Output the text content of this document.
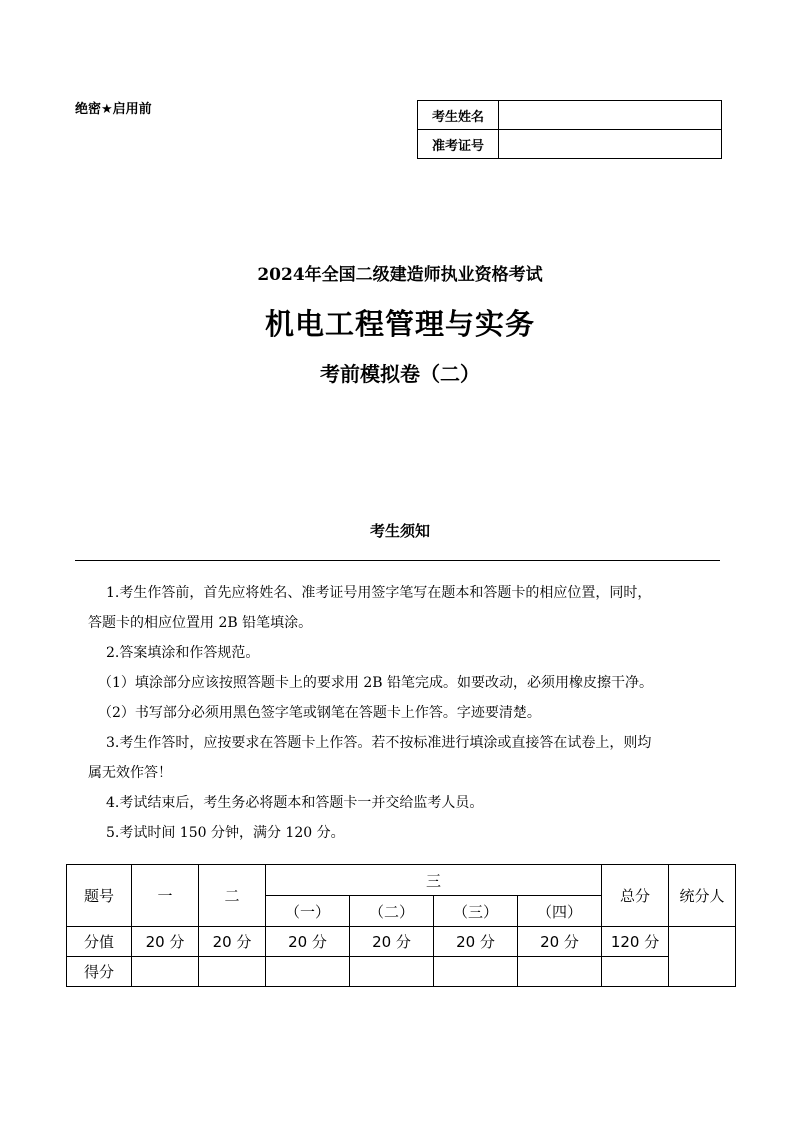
绝密★启用前	考生姓名	
准考证号	
2024年全国二级建造师执业资格考试
机电工程管理与实务
考前模拟卷（二）
考生须知

1.考生作答前，首先应将姓名、准考证号用签字笔写在题本和答题卡的相应位置，同时，

答题卡的相应位置用 2B 铅笔填涂。

2.答案填涂和作答规范。

（1）填涂部分应该按照答题卡上的要求用 2B 铅笔完成。如要改动，必须用橡皮擦干净。

（2）书写部分必须用黑色签字笔或钢笔在答题卡上作答。字迹要清楚。

3.考生作答时，应按要求在答题卡上作答。若不按标准进行填涂或直接答在试卷上，则均

属无效作答！

4.考试结束后，考生务必将题本和答题卡一并交给监考人员。

5.考试时间 150 分钟，满分 120 分。

题号	一	二	三				总分	统分人
			（一）	（二）	（三）	（四）		
分值	20 分	20 分	20 分	20 分	20 分	20 分	120 分	
得分								
